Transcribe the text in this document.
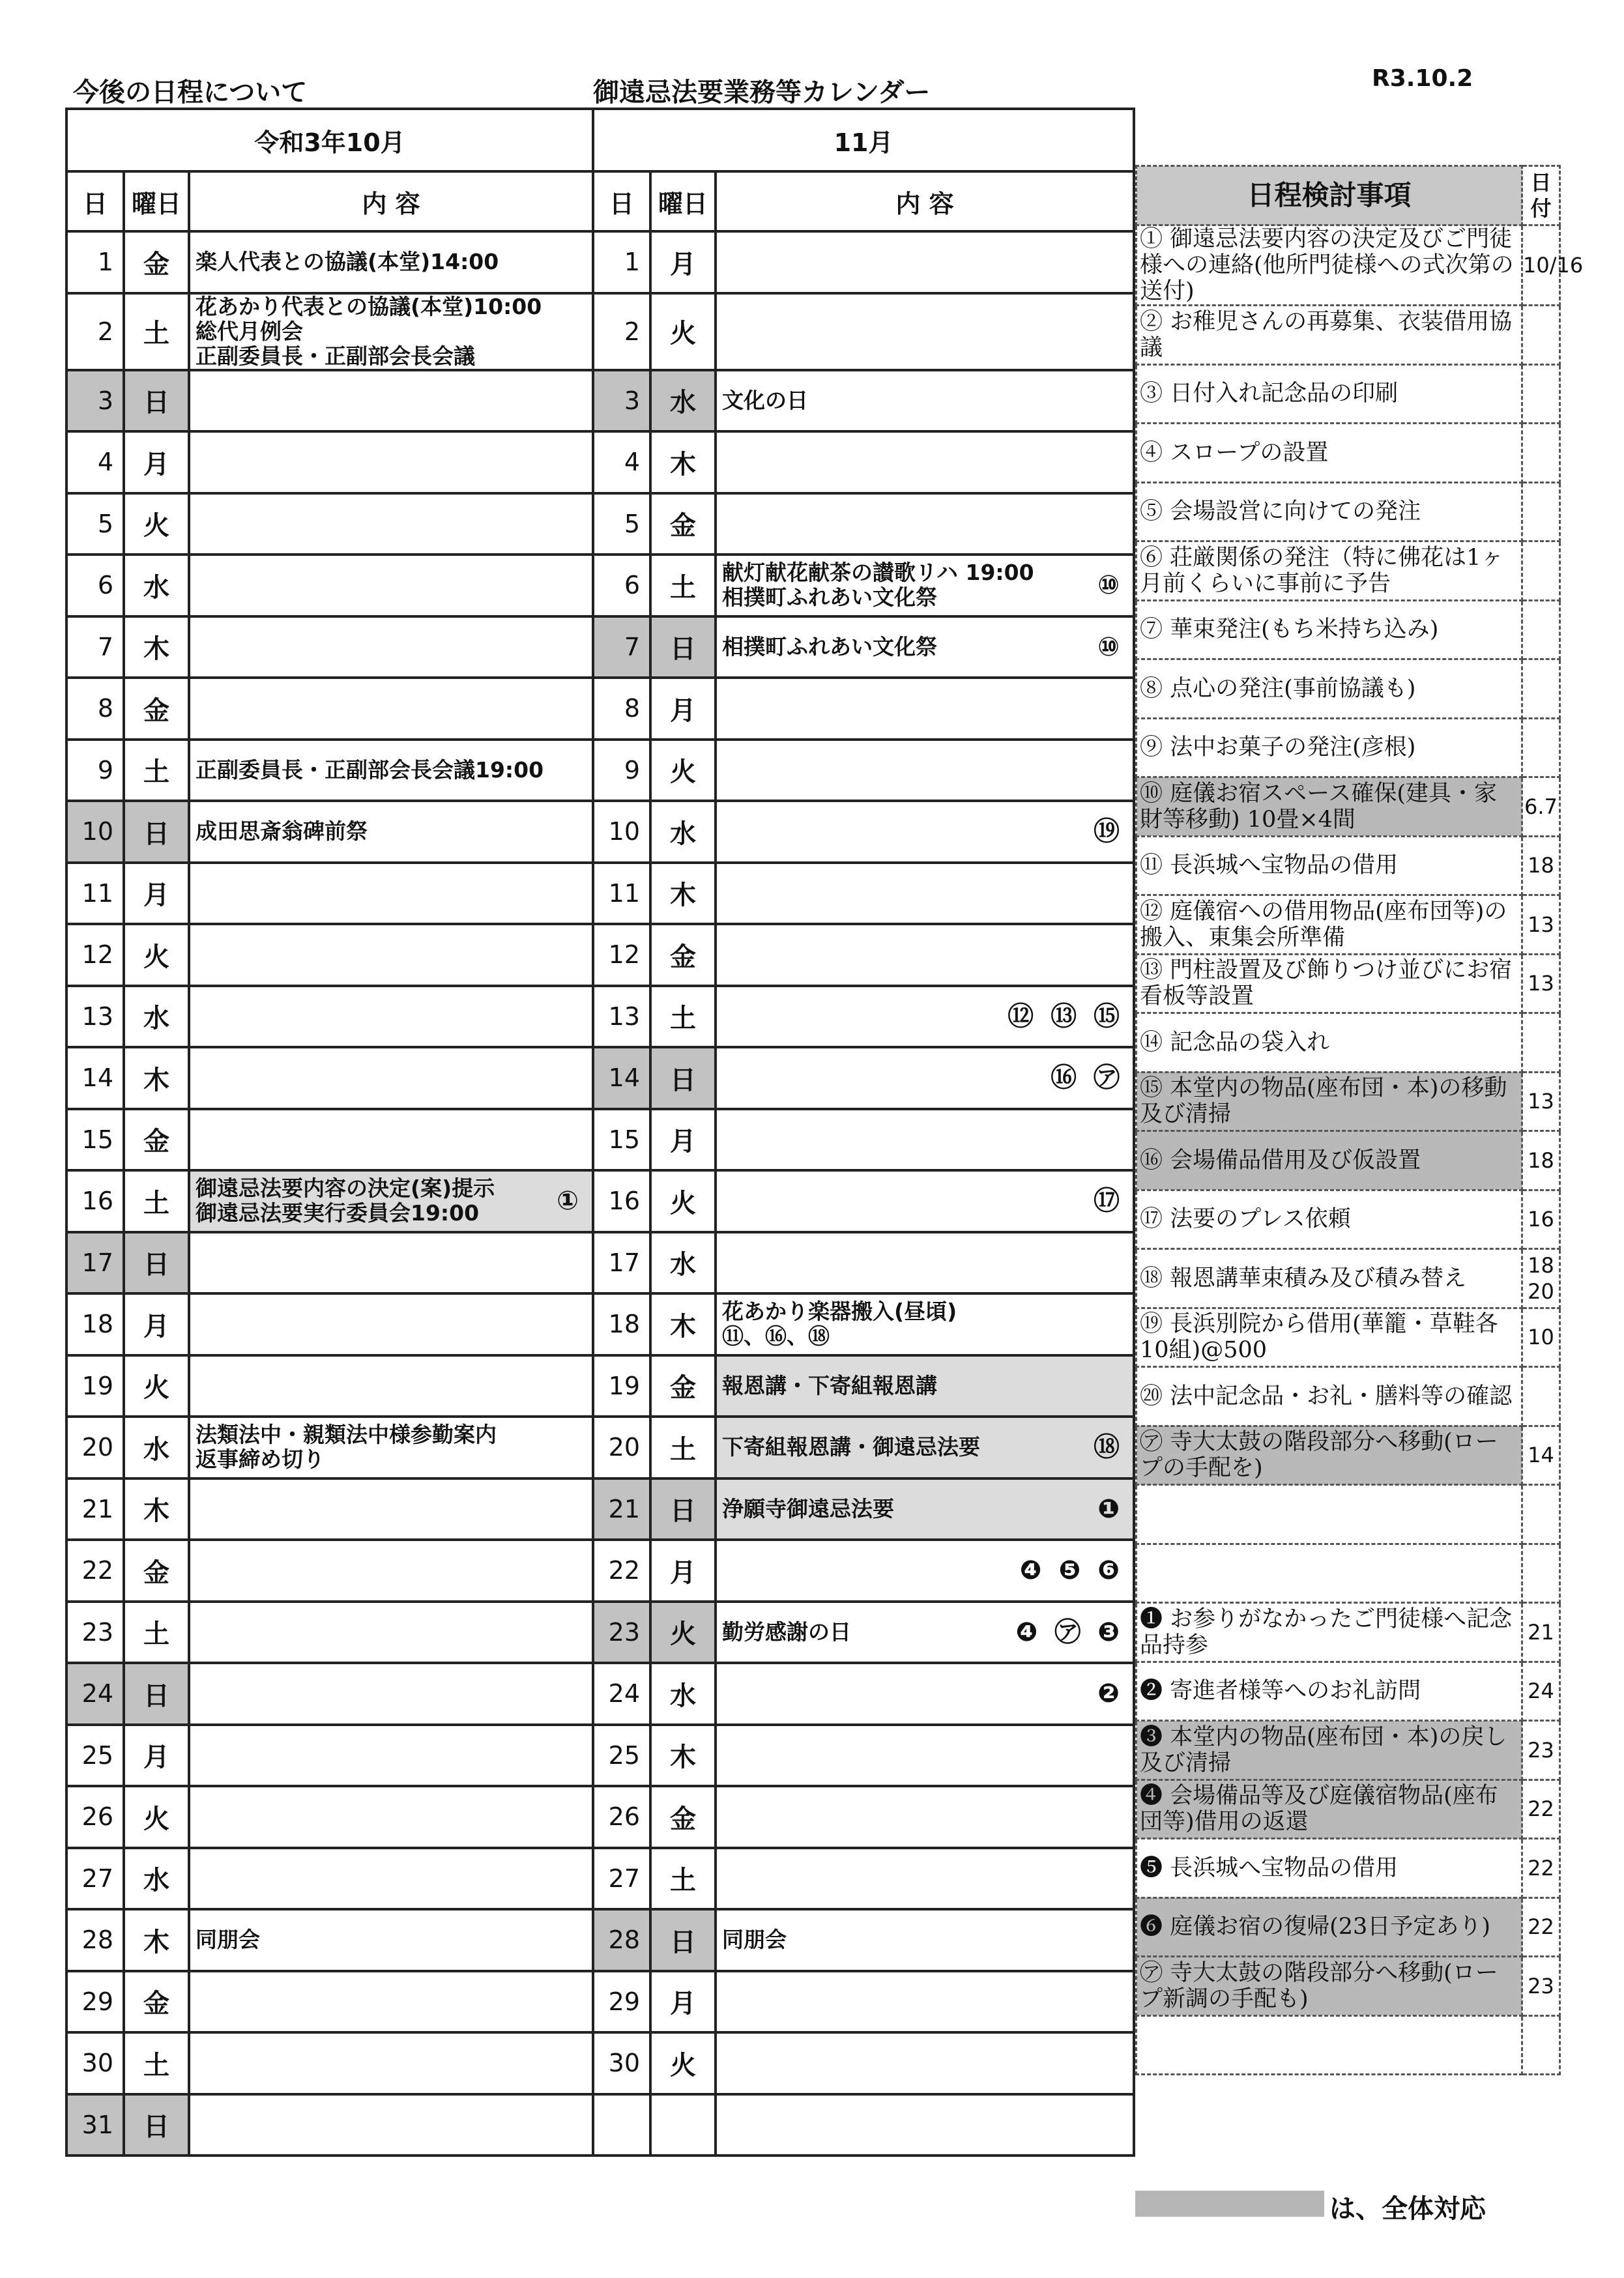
今後の日程について	御遠忌法要業務等カレンダー	R3.10.2
令和3年10月			11月		
日	曜日	内 容	日	曜日	内 容
1	金	楽人代表との協議(本堂)14:00	1	月	

2	土	花あかり代表との協議(本堂)10:00
総代月例会
正副委員長・正副部会長会議	2	火	

3	日		3	水	文化の日

4	月		4	木	

5	火		5	金	

6	水		6	土	献灯献花献茶の讃歌リハ 19:00
相撲町ふれあい文化祭 ⑩

7	木		7	日	相撲町ふれあい文化祭 ⑩

8	金		8	月	

9	土	正副委員長・正副部会長会議19:00	9	火	

10	日	成田思斎翁碑前祭	10	水	⑲

11	月		11	木	

12	火		12	金	

13	水		13	土	⑫ ⑬ ⑮

14	木		14	日	⑯ ㋐

15	金		15	月	

16	土	御遠忌法要内容の決定(案)提示
御遠忌法要実行委員会19:00 ①	16	火	⑰

17	日		17	水	

18	月		18	木	花あかり楽器搬入(昼頃)
⑪、⑯、⑱

19	火		19	金	報恩講・下寄組報恩講

20	水	法類法中・親類法中様参勤案内
返事締め切り	20	土	下寄組報恩講・御遠忌法要 ⑱

21	木		21	日	浄願寺御遠忌法要 ❶

22	金		22	月	❹ ❺ ❻

23	土		23	火	勤労感謝の日 ❹ ㋐ ❸

24	日		24	水	❷

25	月		25	木	

26	火		26	金	

27	水		27	土	

28	木	同朋会	28	日	同朋会

29	金		29	月	

30	土		30	火	

31	日				
日程検討事項	日付
① 御遠忌法要内容の決定及びご門徒様への連絡(他所門徒様への式次第の送付)	10/16
② お稚児さんの再募集、衣装借用協議	
③ 日付入れ記念品の印刷	
④ スロープの設置	
⑤ 会場設営に向けての発注	
⑥ 荘厳関係の発注（特に佛花は1ヶ月前くらいに事前に予告	
⑦ 華束発注(もち米持ち込み)	
⑧ 点心の発注(事前協議も)	
⑨ 法中お菓子の発注(彦根)	
⑩ 庭儀お宿スペース確保(建具・家財等移動) 10畳×4間	6.7
⑪ 長浜城へ宝物品の借用	18
⑫ 庭儀宿への借用物品(座布団等)の搬入、東集会所準備	13
⑬ 門柱設置及び飾りつけ並びにお宿看板等設置	13
⑭ 記念品の袋入れ	
⑮ 本堂内の物品(座布団・本)の移動及び清掃	13
⑯ 会場備品借用及び仮設置	18
⑰ 法要のプレス依頼	16
⑱ 報恩講華束積み及び積み替え	18 20
⑲ 長浜別院から借用(華籠・草鞋各10組)@500	10
⑳ 法中記念品・お礼・膳料等の確認	
㋐ 寺大太鼓の階段部分へ移動(ロープの手配を)	14

❶ お参りがなかったご門徒様へ記念品持参	21
❷ 寄進者様等へのお礼訪問	24
❸ 本堂内の物品(座布団・本)の戻し及び清掃	23
❹ 会場備品等及び庭儀宿物品(座布団等)借用の返還	22
❺ 長浜城へ宝物品の借用	22
❻ 庭儀お宿の復帰(23日予定あり)	22
㋐ 寺大太鼓の階段部分へ移動(ロープ新調の手配も)	23

は、全体対応
